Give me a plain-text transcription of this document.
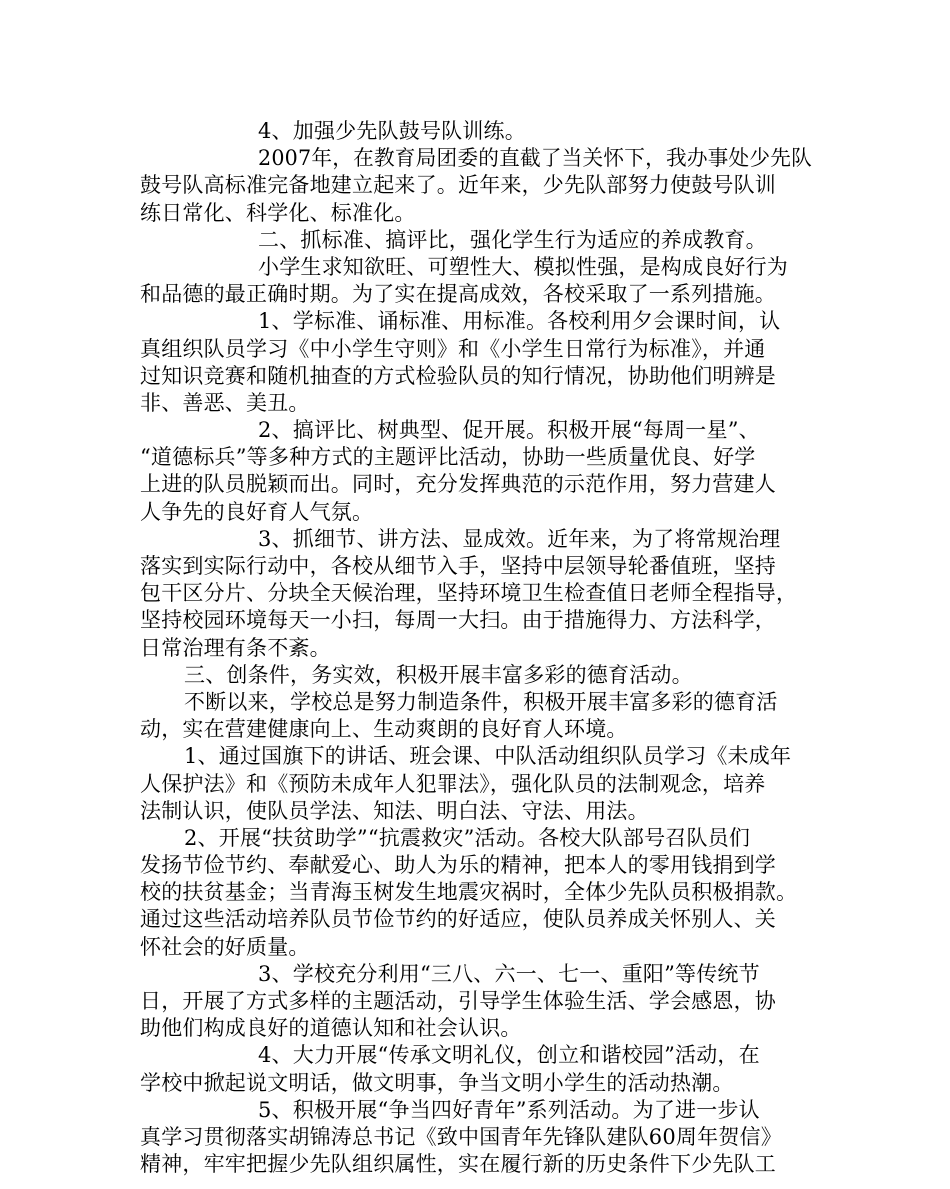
4、加强少先队鼓号队训练。
2007年，在教育局团委的直截了当关怀下，我办事处少先队
鼓号队高标准完备地建立起来了。近年来，少先队部努力使鼓号队训
练日常化、科学化、标准化。
二、抓标准、搞评比，强化学生行为适应的养成教育。
小学生求知欲旺、可塑性大、模拟性强，是构成良好行为
和品德的最正确时期。为了实在提高成效，各校采取了一系列措施。
1、学标准、诵标准、用标准。各校利用夕会课时间，认
真组织队员学习《中小学生守则》和《小学生日常行为标准》，并通
过知识竞赛和随机抽查的方式检验队员的知行情况，协助他们明辨是
非、善恶、美丑。
2、搞评比、树典型、促开展。积极开展“每周一星”、
“道德标兵”等多种方式的主题评比活动，协助一些质量优良、好学
上进的队员脱颖而出。同时，充分发挥典范的示范作用，努力营建人
人争先的良好育人气氛。
3、抓细节、讲方法、显成效。近年来，为了将常规治理
落实到实际行动中，各校从细节入手，坚持中层领导轮番值班，坚持
包干区分片、分块全天候治理，坚持环境卫生检查值日老师全程指导，
坚持校园环境每天一小扫，每周一大扫。由于措施得力、方法科学，
日常治理有条不紊。
三、创条件，务实效，积极开展丰富多彩的德育活动。
不断以来，学校总是努力制造条件，积极开展丰富多彩的德育活
动，实在营建健康向上、生动爽朗的良好育人环境。
1、通过国旗下的讲话、班会课、中队活动组织队员学习《未成年
人保护法》和《预防未成年人犯罪法》，强化队员的法制观念，培养
法制认识，使队员学法、知法、明白法、守法、用法。
2、开展“扶贫助学”“抗震救灾”活动。各校大队部号召队员们
发扬节俭节约、奉献爱心、助人为乐的精神，把本人的零用钱捐到学
校的扶贫基金；当青海玉树发生地震灾祸时，全体少先队员积极捐款。
通过这些活动培养队员节俭节约的好适应，使队员养成关怀别人、关
怀社会的好质量。
3、学校充分利用“三八、六一、七一、重阳”等传统节
日，开展了方式多样的主题活动，引导学生体验生活、学会感恩，协
助他们构成良好的道德认知和社会认识。
4、大力开展“传承文明礼仪，创立和谐校园”活动，在
学校中掀起说文明话，做文明事，争当文明小学生的活动热潮。
5、积极开展“争当四好青年”系列活动。为了进一步认
真学习贯彻落实胡锦涛总书记《致中国青年先锋队建队60周年贺信》
精神，牢牢把握少先队组织属性，实在履行新的历史条件下少先队工
